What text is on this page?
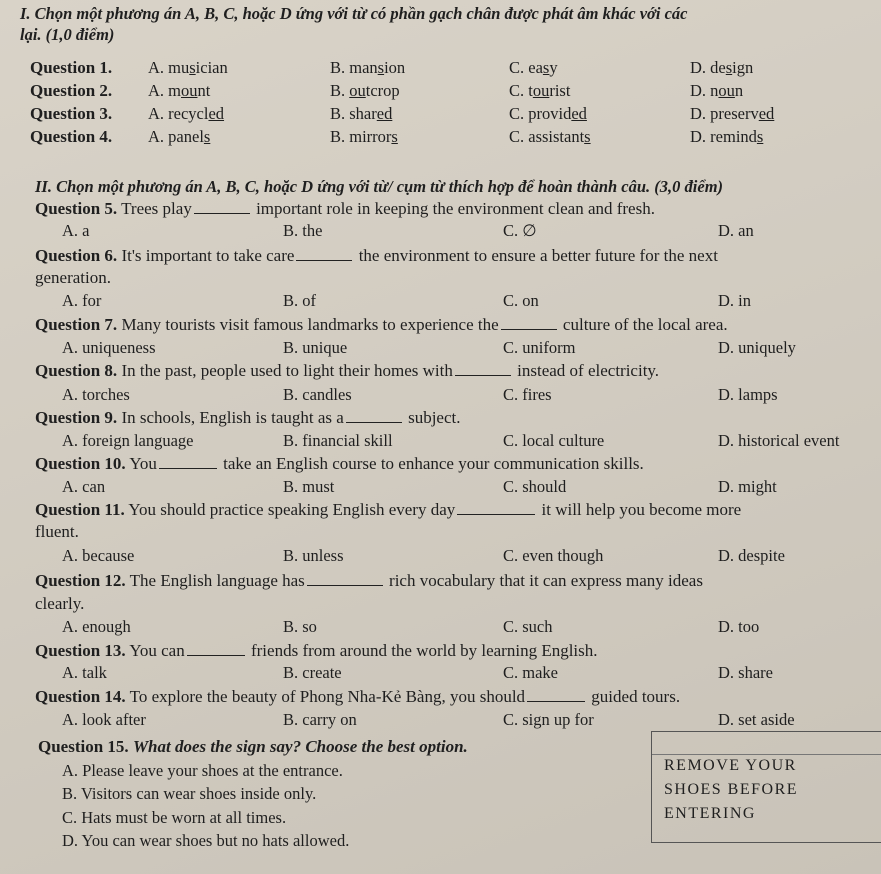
I. Chọn một phương án A, B, C, hoặc D ứng với từ có phần gạch chân được phát âm khác với các
lại. (1,0 điểm)
Question 1. A. musician	B. mansion	C. easy	D. design
Question 2. A. mount	B. outcrop	C. tourist	D. noun
Question 3. A. recycled	B. shared	C. provided	D. preserved
Question 4. A. panels	B. mirrors	C. assistants	D. reminds
II. Chọn một phương án A, B, C, hoặc D ứng với từ/ cụm từ thích hợp để hoàn thành câu. (3,0 điểm)
Question 5. Trees play	important role in keeping the environment clean and fresh.
A. a	B. the	C. ∅	D. an
Question 6. It's important to take care	the environment to ensure a better future for the next
generation.
A. for	B. of	C. on	D. in
Question 7. Many tourists visit famous landmarks to experience the	culture of the local area.
A. uniqueness	B. unique	C. uniform	D. uniquely
Question 8. In the past, people used to light their homes with	instead of electricity.
A. torches	B. candles	C. fires	D. lamps
Question 9. In schools, English is taught as a	subject.
A. foreign language	B. financial skill	C. local culture	D. historical event
Question 10. You	take an English course to enhance your communication skills.
A. can	B. must	C. should	D. might
Question 11. You should practice speaking English every day	it will help you become more
fluent.
A. because	B. unless	C. even though	D. despite
Question 12. The English language has	rich vocabulary that it can express many ideas
clearly.
A. enough	B. so	C. such	D. too
Question 13. You can	friends from around the world by learning English.
A. talk	B. create	C. make	D. share
Question 14. To explore the beauty of Phong Nha-Kẻ Bàng, you should	guided tours.
A. look after	B. carry on	C. sign up for	D. set aside
Question 15. What does the sign say? Choose the best option.
A. Please leave your shoes at the entrance.
B. Visitors can wear shoes inside only.
C. Hats must be worn at all times.
D. You can wear shoes but no hats allowed.
REMOVE YOUR
SHOES BEFORE
ENTERING
